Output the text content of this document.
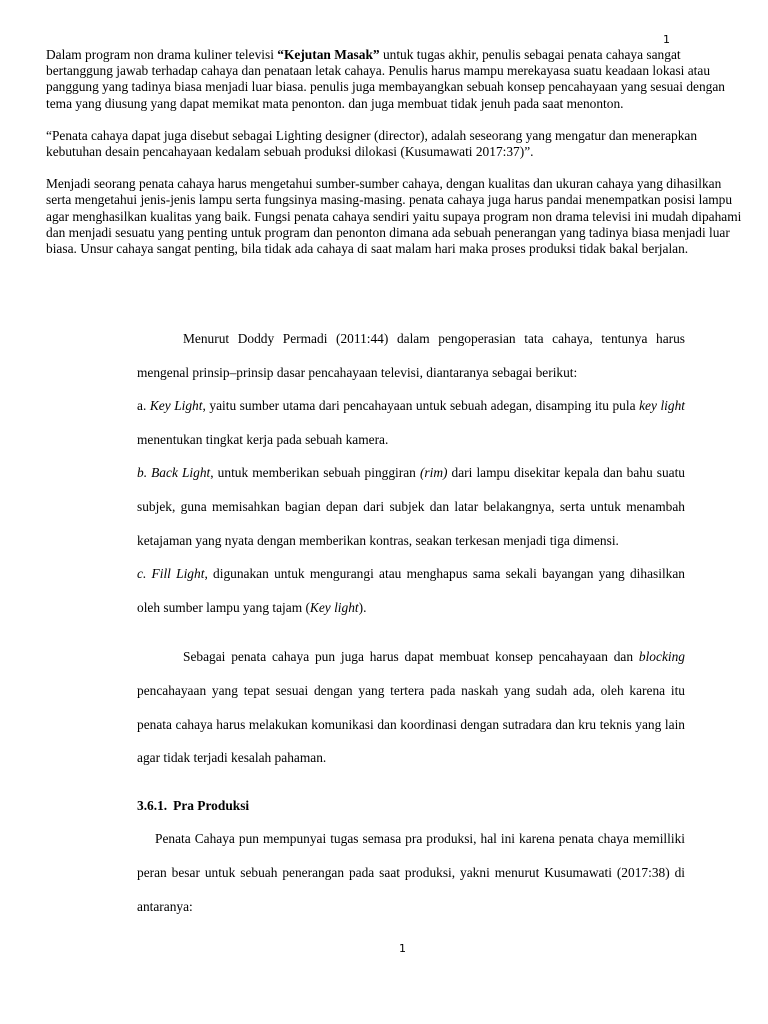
1

Dalam program non drama kuliner televisi “Kejutan Masak” untuk tugas akhir, penulis sebagai penata cahaya sangat bertanggung jawab terhadap cahaya dan penataan letak cahaya. Penulis harus mampu merekayasa suatu keadaan lokasi atau panggung yang tadinya biasa menjadi luar biasa. penulis juga membayangkan sebuah konsep pencahayaan yang sesuai dengan tema yang diusung yang dapat memikat mata penonton. dan juga membuat tidak jenuh pada saat menonton.

“Penata cahaya dapat juga disebut sebagai Lighting designer (director), adalah seseorang yang mengatur dan menerapkan kebutuhan desain pencahayaan kedalam sebuah produksi dilokasi (Kusumawati 2017:37)”.

Menjadi seorang penata cahaya harus mengetahui sumber-sumber cahaya, dengan kualitas dan ukuran cahaya yang dihasilkan serta mengetahui jenis-jenis lampu serta fungsinya masing-masing. penata cahaya juga harus pandai menempatkan posisi lampu agar menghasilkan kualitas yang baik. Fungsi penata cahaya sendiri yaitu supaya program non drama televisi ini mudah dipahami dan menjadi sesuatu yang penting untuk program dan penonton dimana ada sebuah penerangan yang tadinya biasa menjadi luar biasa. Unsur cahaya sangat penting, bila tidak ada cahaya di saat malam hari maka proses produksi tidak bakal berjalan.

Menurut Doddy Permadi (2011:44) dalam pengoperasian tata cahaya, tentunya harus mengenal prinsip–prinsip dasar pencahayaan televisi, diantaranya sebagai berikut:

a. Key Light, yaitu sumber utama dari pencahayaan untuk sebuah adegan, disamping itu pula key light menentukan tingkat kerja pada sebuah kamera.

b. Back Light, untuk memberikan sebuah pinggiran (rim) dari lampu disekitar kepala dan bahu suatu subjek, guna memisahkan bagian depan dari subjek dan latar belakangnya, serta untuk menambah ketajaman yang nyata dengan memberikan kontras, seakan terkesan menjadi tiga dimensi.

c. Fill Light, digunakan untuk mengurangi atau menghapus sama sekali bayangan yang dihasilkan oleh sumber lampu yang tajam (Key light).

Sebagai penata cahaya pun juga harus dapat membuat konsep pencahayaan dan blocking pencahayaan yang tepat sesuai dengan yang tertera pada naskah yang sudah ada, oleh karena itu penata cahaya harus melakukan komunikasi dan koordinasi dengan sutradara dan kru teknis yang lain agar tidak terjadi kesalah pahaman.

3.6.1. Pra Produksi

Penata Cahaya pun mempunyai tugas semasa pra produksi, hal ini karena penata chaya memilliki peran besar untuk sebuah penerangan pada saat produksi, yakni menurut Kusumawati (2017:38) di antaranya:

1
